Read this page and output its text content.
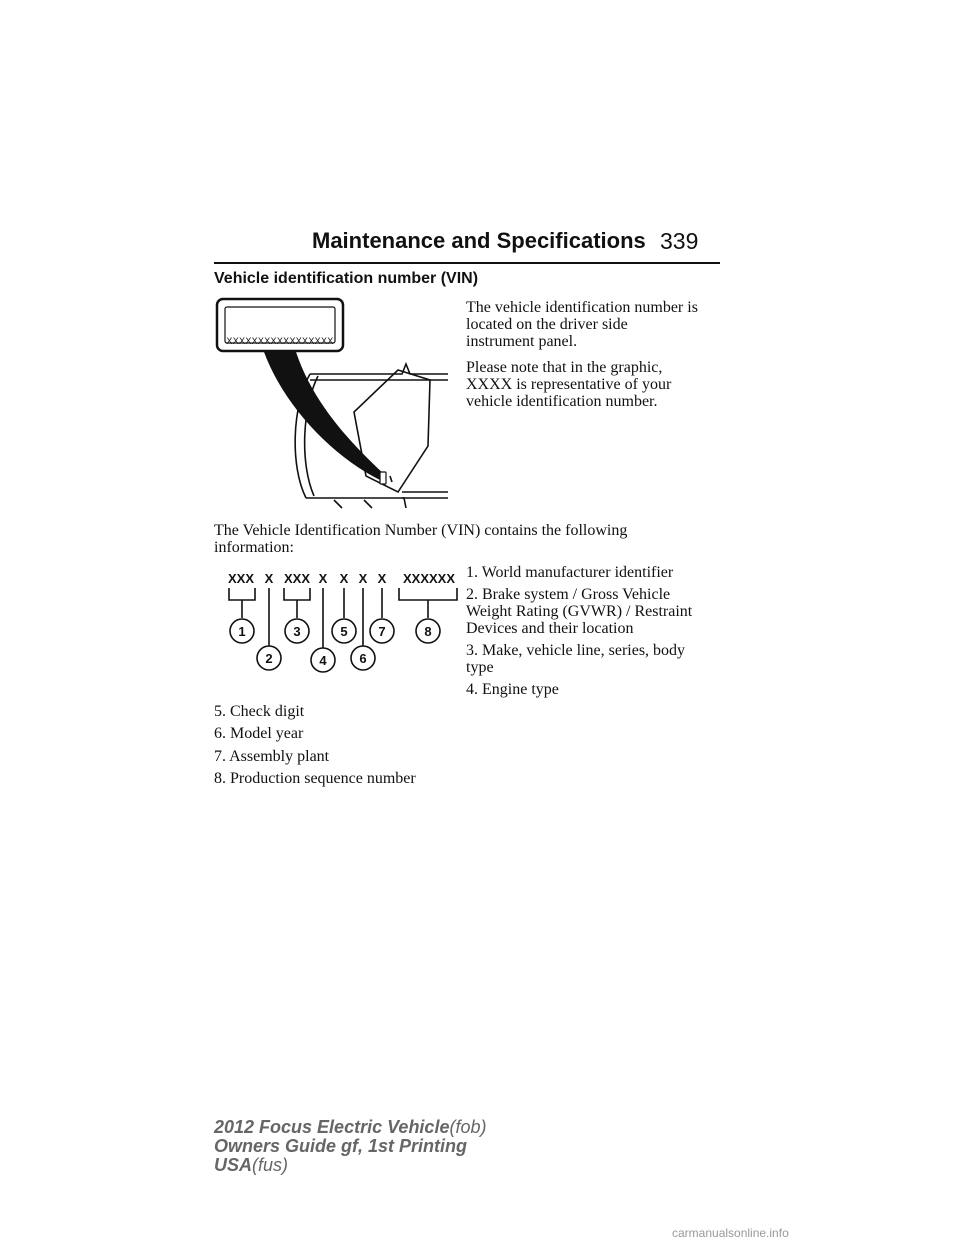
Maintenance and Specifications 339
Vehicle identification number (VIN)
XXXXXXXXXXXXXXXXX
The vehicle identification number is
located on the driver side
instrument panel.
Please note that in the graphic,
XXXX is representative of your
vehicle identification number.
The Vehicle Identification Number (VIN) contains the following
information:
XXX X XXX X X X X XXXXXX
1
2
3
4
5
6
7	8
1. World manufacturer identifier
2. Brake system / Gross Vehicle
Weight Rating (GVWR) / Restraint
Devices and their location
3. Make, vehicle line, series, body
type
4. Engine type
5. Check digit
6. Model year
7. Assembly plant
8. Production sequence number
2012 Focus Electric Vehicle(fob)
Owners Guide gf, 1st Printing
USA(fus)
carmanualsonline.info
